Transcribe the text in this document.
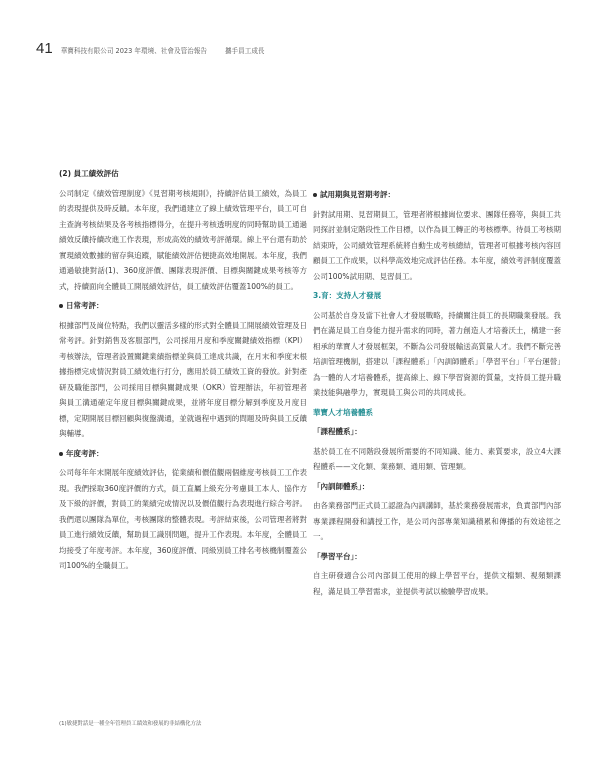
41 華寶科技有限公司 2023 年環境、社會及管治報告	攜手員工成長

(2) 員工績效評估

公司制定《績效管理制度》《見習期考核規則》，持續評估員工績效，為員工的表現提供及時反饋。本年度，我們通建立了線上績效管理平台，員工可自主查詢考核結果及各考核指標得分，在提升考核透明度的同時幫助員工通過績效反饋持續改進工作表現，形成高效的績效考評循環。線上平台還有助於實現績效數據的留存與追蹤，賦能績效評估便捷高效地開展。本年度，我們通過敏捷對話(1)、360度評價、團隊表現評價、目標與關鍵成果考核等方式，持續面向全體員工開展績效評估，員工績效評估覆蓋100%的員工。

日常考評：

根據部門及崗位特點，我們以靈活多樣的形式對全體員工開展績效管理及日常考評。針對銷售及客服部門，公司採用月度和季度關鍵績效指標（KPI）考核辦法，管理者設置關鍵業績指標並與員工達成共識，在月末和季度末根據指標完成情況對員工績效進行打分，應用於員工績效工資的發放。針對產研及職能部門，公司採用目標與關鍵成果（OKR）管理辦法，年初管理者與員工溝通確定年度目標與關鍵成果，並將年度目標分解到季度及月度目標，定期開展目標回顧與復盤溝通，並就過程中遇到的問題及時與員工反饋與輔導。

年度考評：

公司每年年末開展年度績效評估，從業績和價值觀兩個維度考核員工工作表現。我們採取360度評價的方式，員工直屬上級充分考慮員工本人、協作方及下級的評價，對員工的業績完成情況以及價值觀行為表現進行綜合考評。我們還以團隊為單位，考核團隊的整體表現。考評結束後，公司管理者將對員工進行績效反饋，幫助員工識別問題，提升工作表現。本年度，全體員工均接受了年度考評。本年度，360度評價、同級別員工排名考核機制覆蓋公司100%的全職員工。

試用期與見習期考評：

針對試用期、見習期員工，管理者將根據崗位要求、團隊任務等，與員工共同探討並制定階段性工作目標，以作為員工轉正的考核標準。待員工考核期結束時，公司績效管理系統將自動生成考核總結，管理者可根據考核內容回顧員工工作成果，以科學高效地完成評估任務。本年度，績效考評制度覆蓋公司100%試用期、見習員工。

3.育：支持人才發展

公司基於自身及當下社會人才發展戰略，持續關注員工的長期職業發展。我們在滿足員工自身能力提升需求的同時，著力創造人才培養沃土，構建一套相承的華寶人才發展框架，不斷為公司發展輸送高質量人才。我們不斷完善培訓管理機制，搭建以「課程體系」「內訓師體系」「學習平台」「平台運營」為一體的人才培養體系，提高線上、線下學習資源的質量，支持員工提升職業技能與融學力，實現員工與公司的共同成長。

華寶人才培養體系

「課程體系」：

基於員工在不同階段發展所需要的不同知識、能力、素質要求，設立4大課程體系——文化類、業務類、通用類、管理類。

「內訓師體系」：

由各業務部門正式員工認證為內訓講師，基於業務發展需求，負責部門內部專業課程開發和講授工作，是公司內部專業知識積累和傳播的有效途徑之一。

「學習平台」：

自主研發適合公司內部員工使用的線上學習平台，提供文檔類、視頻類課程，滿足員工學習需求，並提供考試以檢驗學習成果。

(1)敏捷對話是一種全年管理員工績效和發展的非結構化方法
